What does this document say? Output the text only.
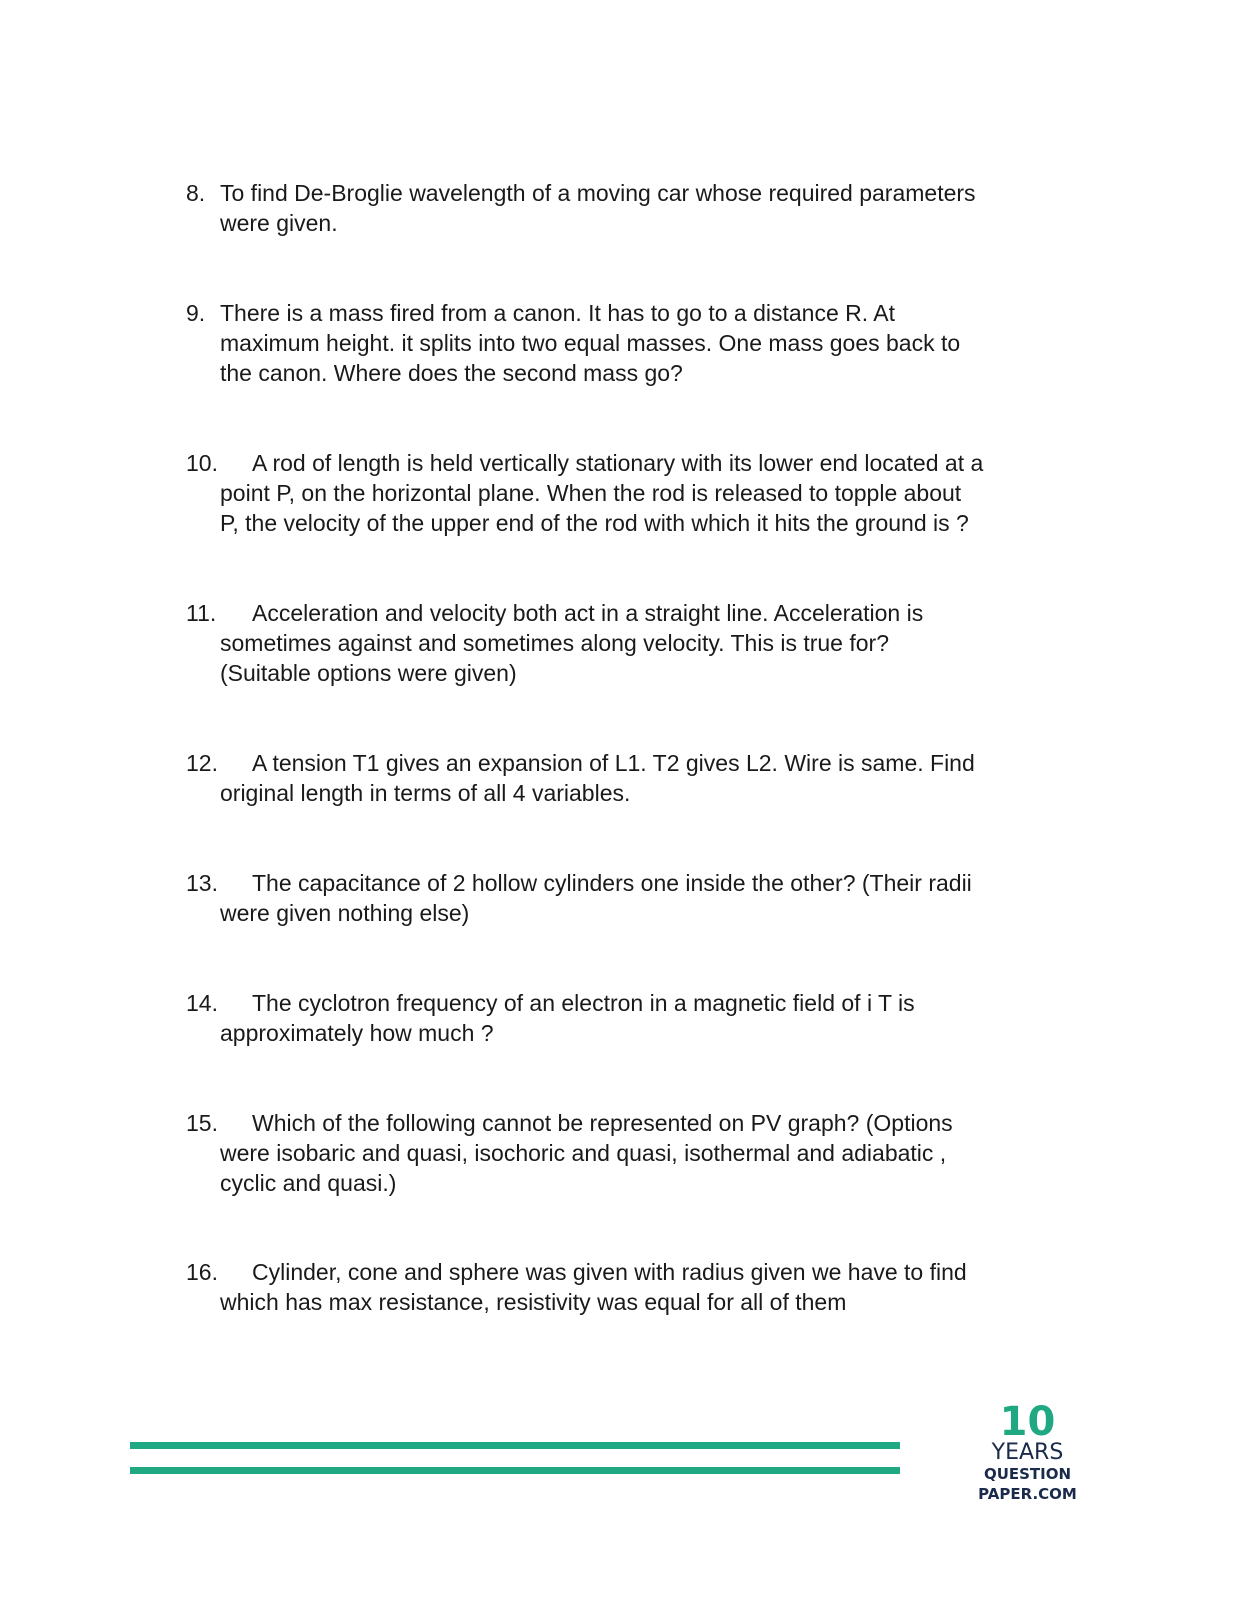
8. To find De-Broglie wavelength of a moving car whose required parameters
were given.
9. There is a mass fired from a canon. It has to go to a distance R. At
maximum height. it splits into two equal masses. One mass goes back to
the canon. Where does the second mass go?
10.	A rod of length is held vertically stationary with its lower end located at a
point P, on the horizontal plane. When the rod is released to topple about
P, the velocity of the upper end of the rod with which it hits the ground is ?
11.	Acceleration and velocity both act in a straight line. Acceleration is
sometimes against and sometimes along velocity. This is true for?
(Suitable options were given)
12.	A tension T1 gives an expansion of L1. T2 gives L2. Wire is same. Find
original length in terms of all 4 variables.
13.	The capacitance of 2 hollow cylinders one inside the other? (Their radii
were given nothing else)
14.	The cyclotron frequency of an electron in a magnetic field of i T is
approximately how much ?
15.	Which of the following cannot be represented on PV graph? (Options
were isobaric and quasi, isochoric and quasi, isothermal and adiabatic ,
cyclic and quasi.)
16.	Cylinder, cone and sphere was given with radius given we have to find
which has max resistance, resistivity was equal for all of them
10
YEARS
QUESTION PAPER.COM
